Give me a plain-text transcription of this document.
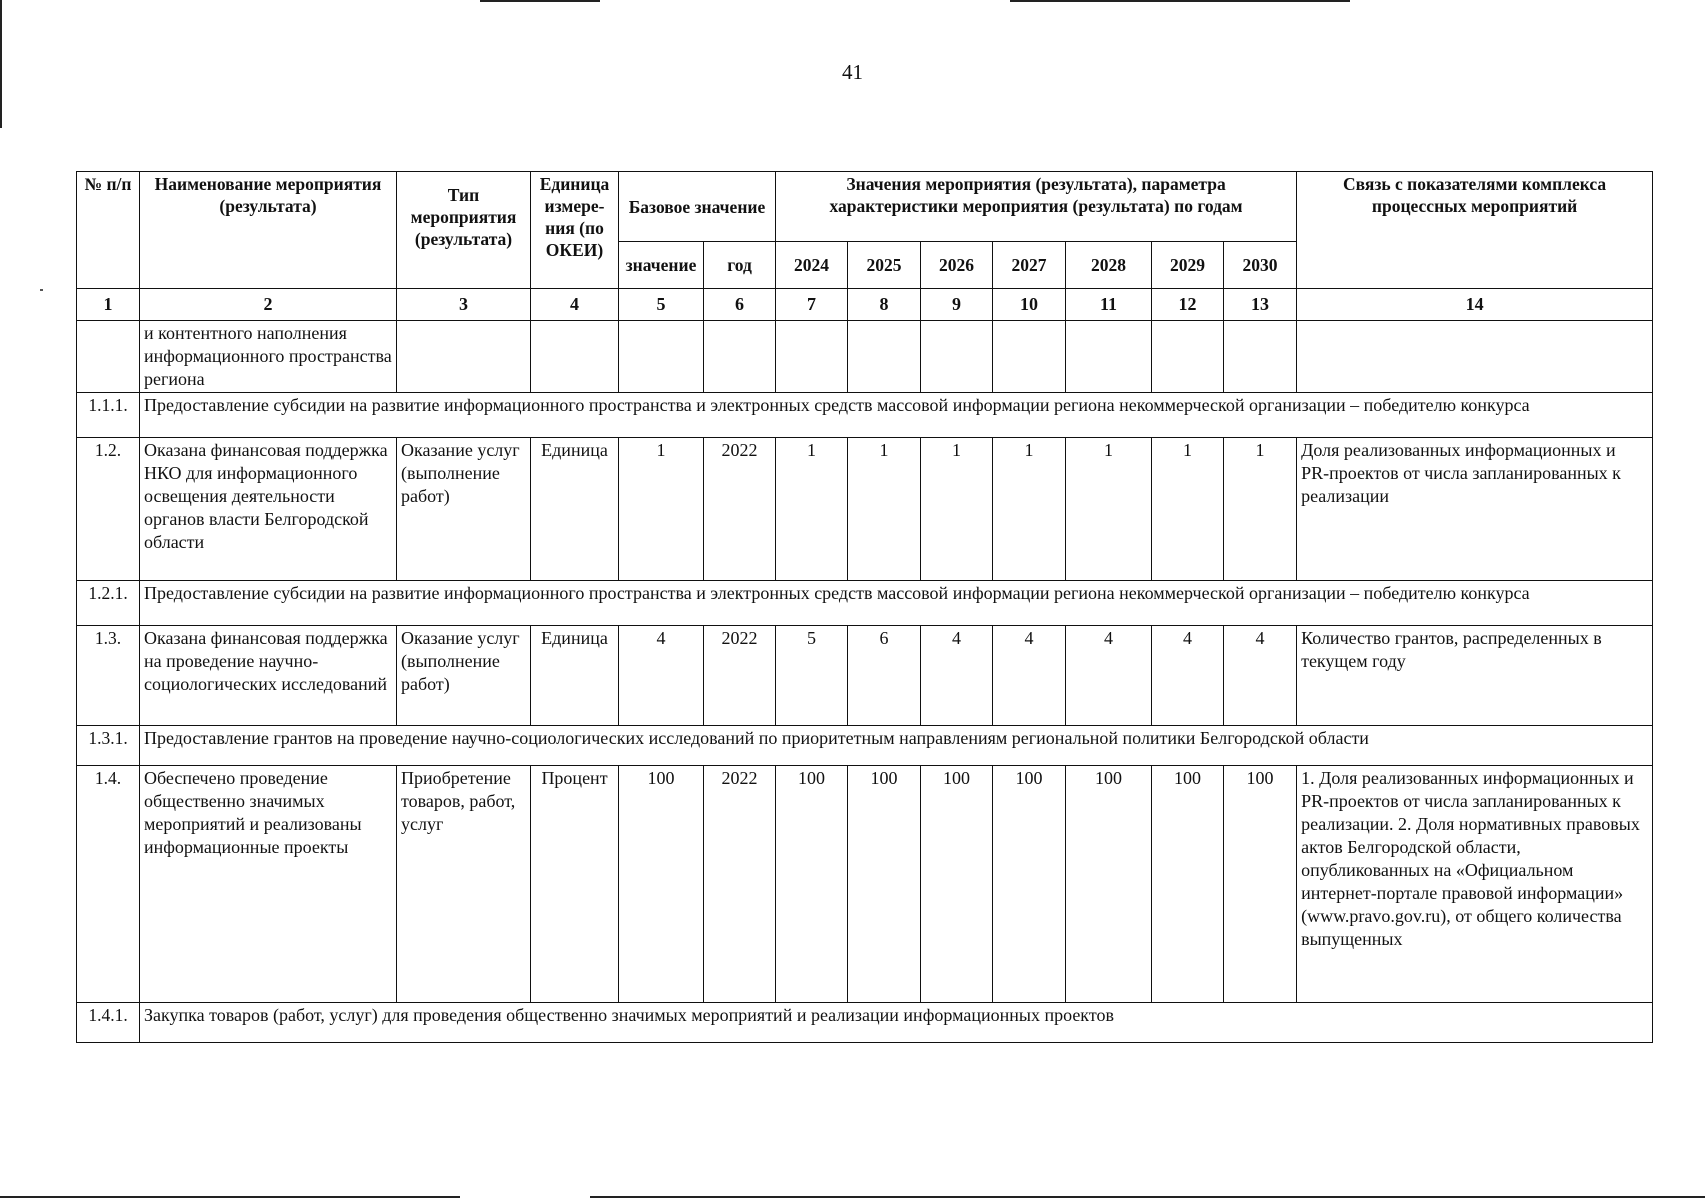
41
№ п/п	Наименование мероприятия (результата)	Тип мероприятия (результата)	Единица измере-ния (по ОКЕИ)	Базовое значение		Значения мероприятия (результата), параметра характеристики мероприятия (результата) по годам							Связь с показателями комплекса процессных мероприятий
				значение	год	2024	2025	2026	2027	2028	2029	2030	
1	2	3	4	5	6	7	8	9	10	11	12	13	14
	и контентного наполнения информационного пространства региона												
1.1.1.	Предоставление субсидии на развитие информационного пространства и электронных средств массовой информации региона некоммерческой организации – победителю конкурса												
1.2.	Оказана финансовая поддержка НКО для информационного освещения деятельности органов власти Белгородской области	Оказание услуг (выполнение работ)	Единица	1	2022	1	1	1	1	1	1	1	Доля реализованных информационных и PR-проектов от числа запланированных к реализации
1.2.1.	Предоставление субсидии на развитие информационного пространства и электронных средств массовой информации региона некоммерческой организации – победителю конкурса												
1.3.	Оказана финансовая поддержка на проведение научно-социологических исследований	Оказание услуг (выполнение работ)	Единица	4	2022	5	6	4	4	4	4	4	Количество грантов, распределенных в текущем году
1.3.1.	Предоставление грантов на проведение научно-социологических исследований по приоритетным направлениям региональной политики Белгородской области												
1.4.	Обеспечено проведение общественно значимых мероприятий и реализованы информационные проекты	Приобретение товаров, работ, услуг	Процент	100	2022	100	100	100	100	100	100	100	1. Доля реализованных информационных и PR-проектов от числа запланированных к реализации. 2. Доля нормативных правовых актов Белгородской области, опубликованных на «Официальном интернет-портале правовой информации» (www.pravo.gov.ru), от общего количества выпущенных
1.4.1.	Закупка товаров (работ, услуг) для проведения общественно значимых мероприятий и реализации информационных проектов												
